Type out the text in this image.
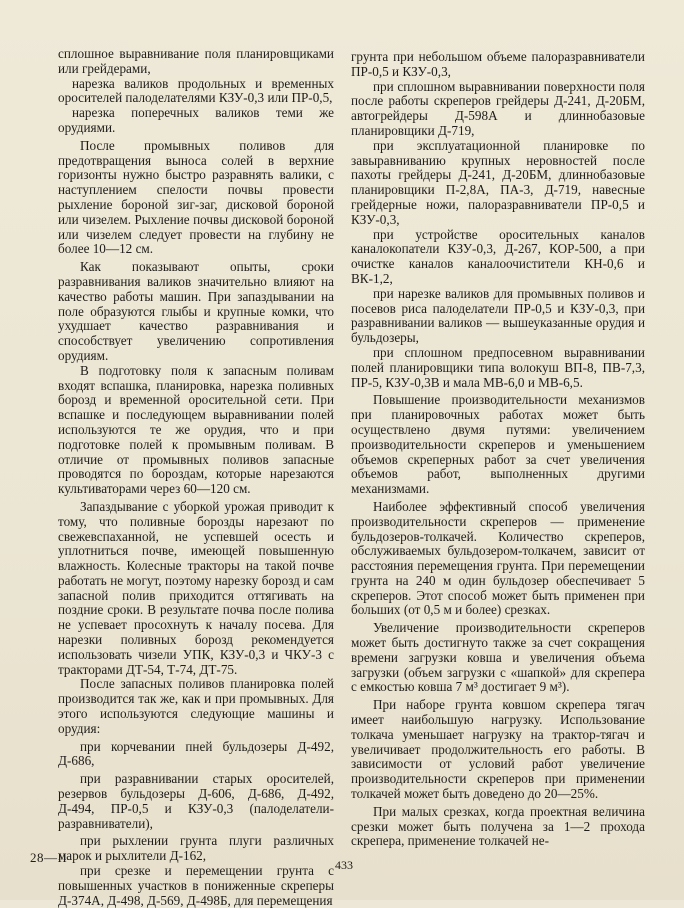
сплошное выравнивание поля планировщиками или грейдерами,

нарезка валиков продольных и временных оросителей палоделателями КЗУ-0,3 или ПР-0,5,

нарезка поперечных валиков теми же орудиями.

После промывных поливов для предотвращения выноса солей в верхние горизонты нужно быстро разравнять валики, с наступлением спелости почвы провести рыхление бороной зиг-заг, дисковой бороной или чизелем. Рыхление почвы дисковой бороной или чизелем следует провести на глубину не более 10—12 см.

Как показывают опыты, сроки разравнивания валиков значительно влияют на качество работы машин. При запаздывании на поле образуются глыбы и крупные комки, что ухудшает качество разравнивания и способствует увеличению сопротивления орудиям.

В подготовку поля к запасным поливам входят вспашка, планировка, нарезка поливных борозд и временной оросительной сети. При вспашке и последующем выравнивании полей используются те же орудия, что и при подготовке полей к промывным поливам. В отличие от промывных поливов запасные проводятся по бороздам, которые нарезаются культиваторами через 60—120 см.

Запаздывание с уборкой урожая приводит к тому, что поливные борозды нарезают по свежевспаханной, не успевшей осесть и уплотниться почве, имеющей повышенную влажность. Колесные тракторы на такой почве работать не могут, поэтому нарезку борозд и сам запасной полив приходится оттягивать на поздние сроки. В результате почва после полива не успевает просохнуть к началу посева. Для нарезки поливных борозд рекомендуется использовать чизели УПК, КЗУ-0,3 и ЧКУ-3 с тракторами ДТ-54, Т-74, ДТ-75.

После запасных поливов планировка полей производится так же, как и при промывных. Для этого используются следующие машины и орудия:

при корчевании пней бульдозеры Д-492, Д-686,

при разравнивании старых оросителей, резервов бульдозеры Д-606, Д-686, Д-492, Д-494, ПР-0,5 и КЗУ-0,3 (палоделатели-разравниватели),

при рыхлении грунта плуги различных марок и рыхлители Д-162,

при срезке и перемещении грунта с повышенных участков в пониженные скреперы Д-374А, Д-498, Д-569, Д-498Б, для перемещения

грунта при небольшом объеме палоразравниватели ПР-0,5 и КЗУ-0,3,

при сплошном выравнивании поверхности поля после работы скреперов грейдеры Д-241, Д-20БМ, автогрейдеры Д-598А и длиннобазовые планировщики Д-719,

при эксплуатационной планировке по завыравниванию крупных неровностей после пахоты грейдеры Д-241, Д-20БМ, длиннобазовые планировщики П-2,8А, ПА-3, Д-719, навесные грейдерные ножи, палоразравниватели ПР-0,5 и КЗУ-0,3,

при устройстве оросительных каналов каналокопатели КЗУ-0,3, Д-267, КОР-500, а при очистке каналов каналоочистители КН-0,6 и ВК-1,2,

при нарезке валиков для промывных поливов и посевов риса палоделатели ПР-0,5 и КЗУ-0,3, при разравнивании валиков — вышеуказанные орудия и бульдозеры,

при сплошном предпосевном выравнивании полей планировщики типа волокуш ВП-8, ПВ-7,3, ПР-5, КЗУ-0,3В и мала МВ-6,0 и МВ-6,5.

Повышение производительности механизмов при планировочных работах может быть осуществлено двумя путями: увеличением производительности скреперов и уменьшением объемов скреперных работ за счет увеличения объемов работ, выполненных другими механизмами.

Наиболее эффективный способ увеличения производительности скреперов — применение бульдозеров-толкачей. Количество скреперов, обслуживаемых бульдозером-толкачем, зависит от расстояния перемещения грунта. При перемещении грунта на 240 м один бульдозер обеспечивает 5 скреперов. Этот способ может быть применен при больших (от 0,5 м и более) срезках.

Увеличение производительности скреперов может быть достигнуто также за счет сокращения времени загрузки ковша и увеличения объема загрузки (объем загрузки с «шапкой» для скрепера с емкостью ковша 7 м³ достигает 9 м³).

При наборе грунта ковшом скрепера тягач имеет наибольшую нагрузку. Использование толкача уменьшает нагрузку на трактор-тягач и увеличивает продолжительность его работы. В зависимости от условий работ увеличение производительности скреперов при применении толкачей может быть доведено до 20—25%.

При малых срезках, когда проектная величина срезки может быть получена за 1—2 прохода скрепера, применение толкачей не-

28—II	433
